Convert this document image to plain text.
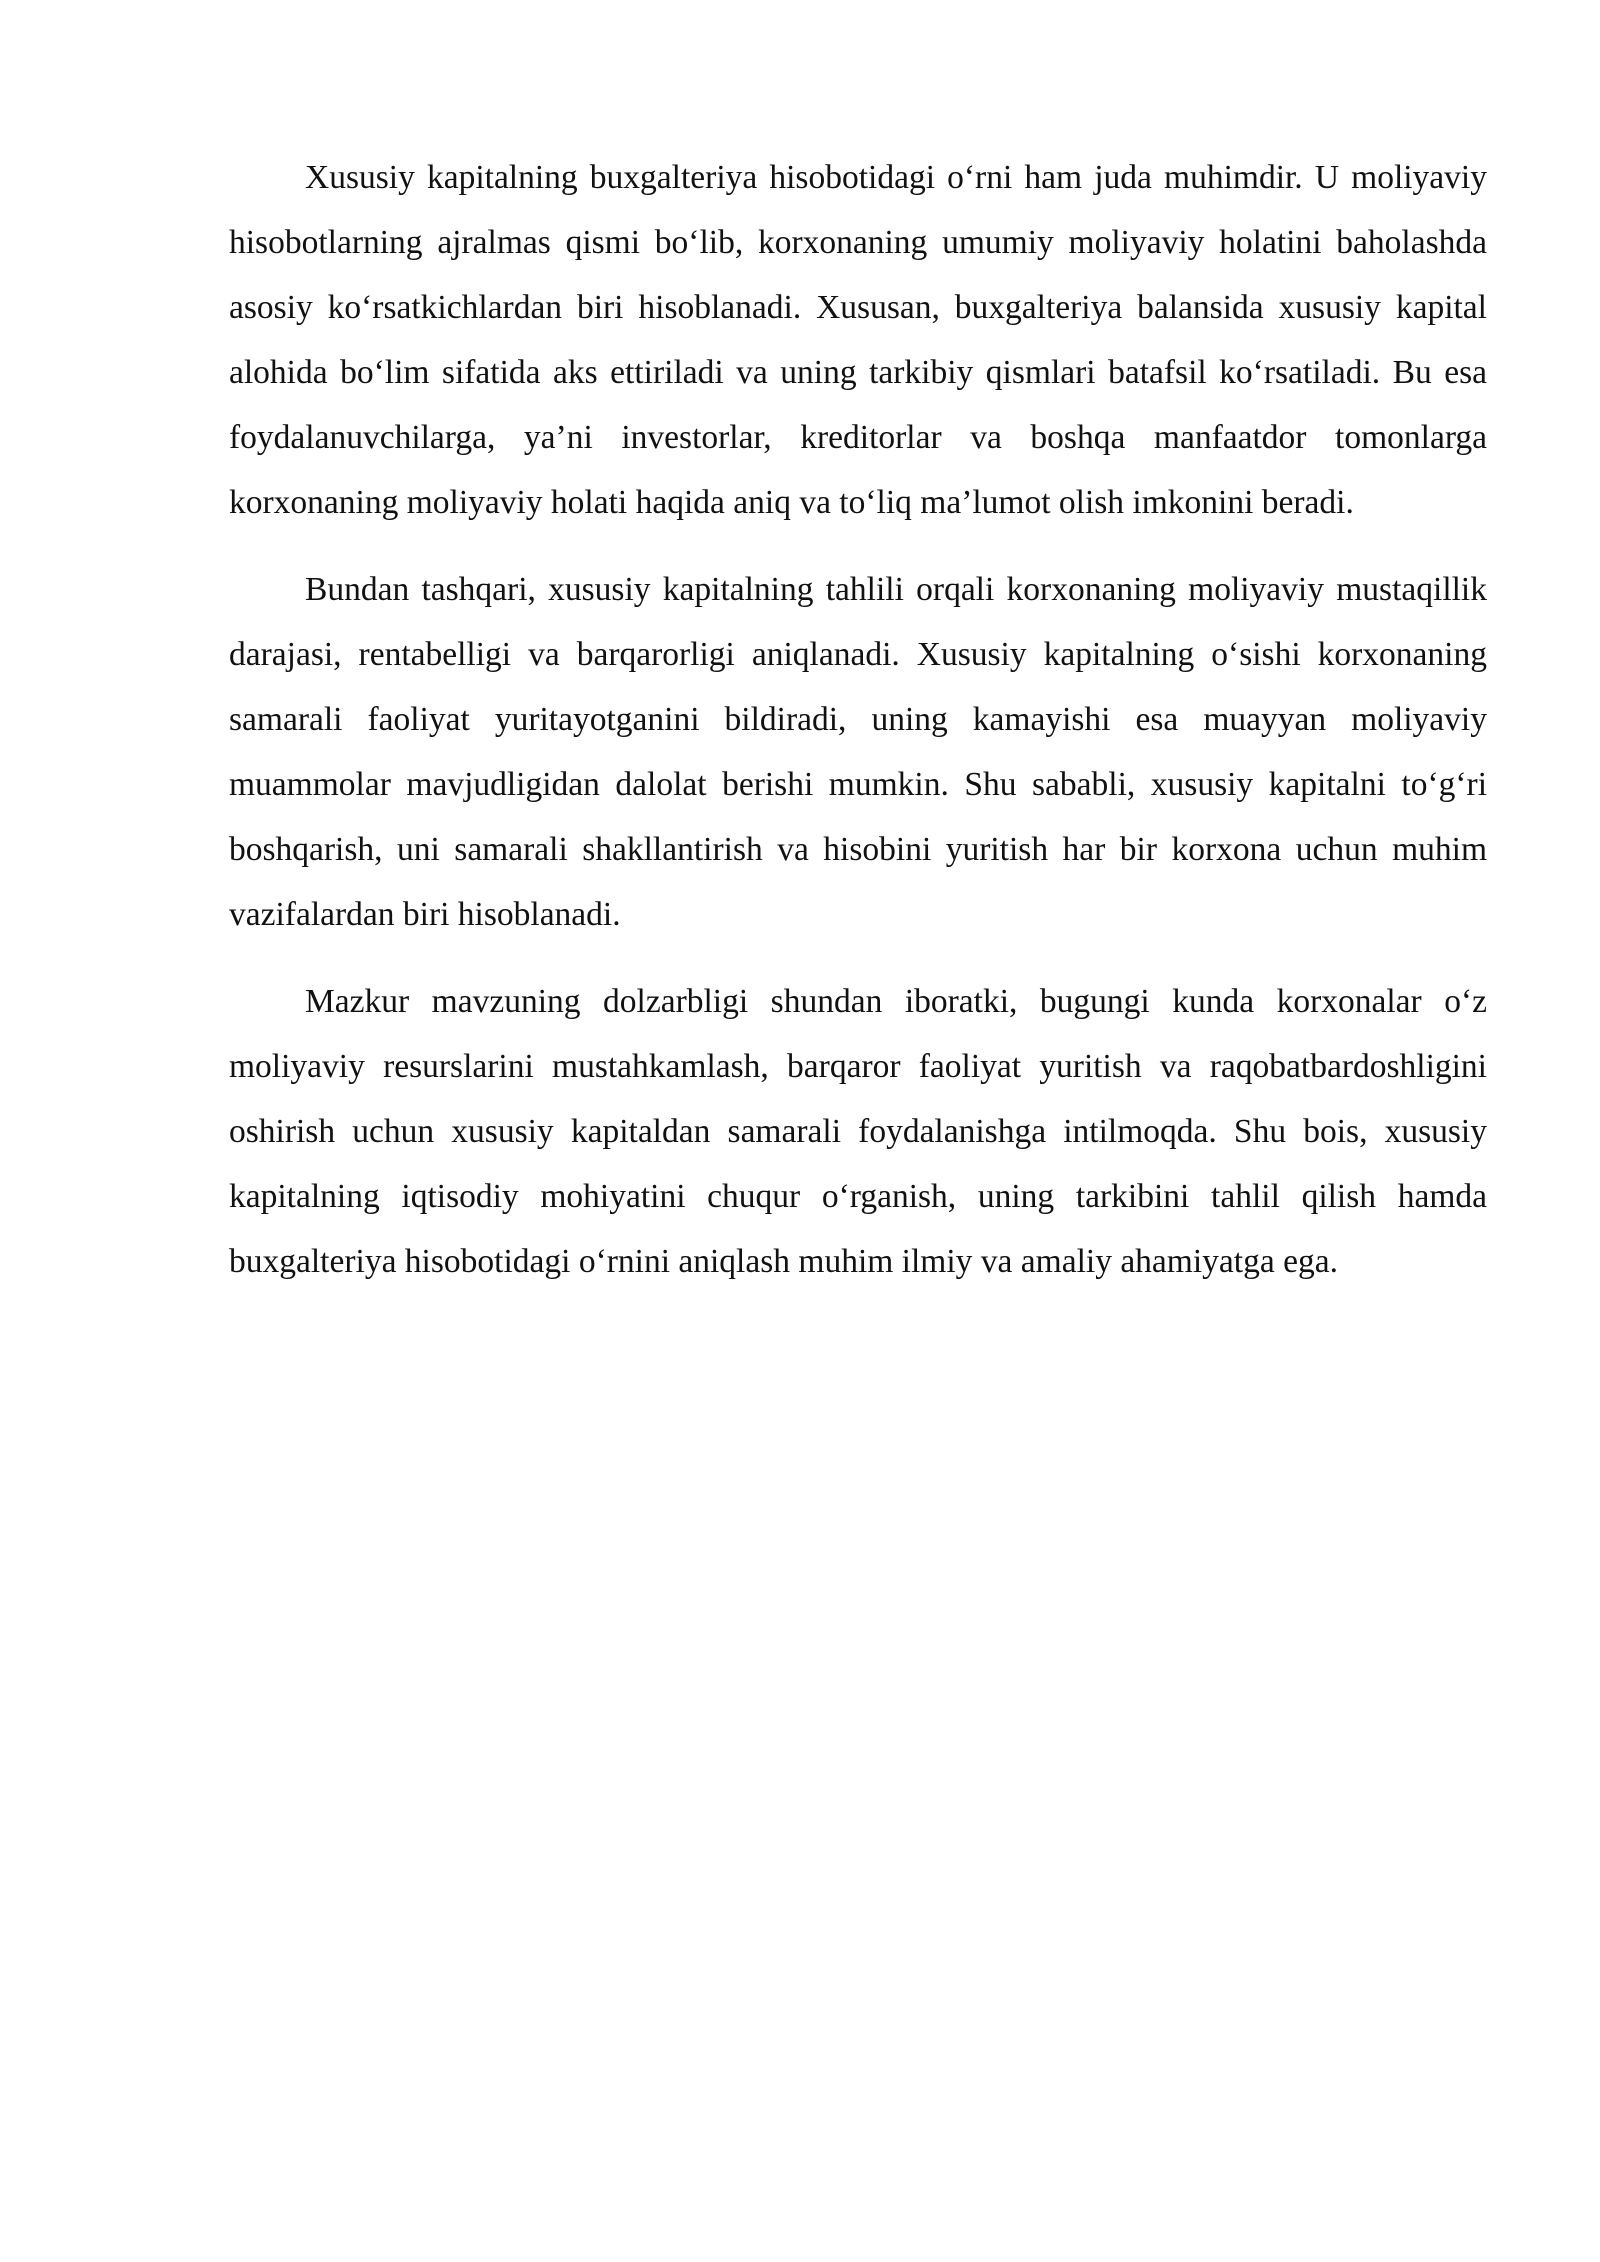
Xususiy kapitalning buxgalteriya hisobotidagi o‘rni ham juda muhimdir. U moliyaviy hisobotlarning ajralmas qismi bo‘lib, korxonaning umumiy moliyaviy holatini baholashda asosiy ko‘rsatkichlardan biri hisoblanadi. Xususan, buxgalteriya balansida xususiy kapital alohida bo‘lim sifatida aks ettiriladi va uning tarkibiy qismlari batafsil ko‘rsatiladi. Bu esa foydalanuvchilarga, ya’ni investorlar, kreditorlar va boshqa manfaatdor tomonlarga korxonaning moliyaviy holati haqida aniq va to‘liq ma’lumot olish imkonini beradi.

Bundan tashqari, xususiy kapitalning tahlili orqali korxonaning moliyaviy mustaqillik darajasi, rentabelligi va barqarorligi aniqlanadi. Xususiy kapitalning o‘sishi korxonaning samarali faoliyat yuritayotganini bildiradi, uning kamayishi esa muayyan moliyaviy muammolar mavjudligidan dalolat berishi mumkin. Shu sababli, xususiy kapitalni to‘g‘ri boshqarish, uni samarali shakllantirish va hisobini yuritish har bir korxona uchun muhim vazifalardan biri hisoblanadi.

Mazkur mavzuning dolzarbligi shundan iboratki, bugungi kunda korxonalar o‘z moliyaviy resurslarini mustahkamlash, barqaror faoliyat yuritish va raqobatbardoshligini oshirish uchun xususiy kapitaldan samarali foydalanishga intilmoqda. Shu bois, xususiy kapitalning iqtisodiy mohiyatini chuqur o‘rganish, uning tarkibini tahlil qilish hamda buxgalteriya hisobotidagi o‘rnini aniqlash muhim ilmiy va amaliy ahamiyatga ega.
